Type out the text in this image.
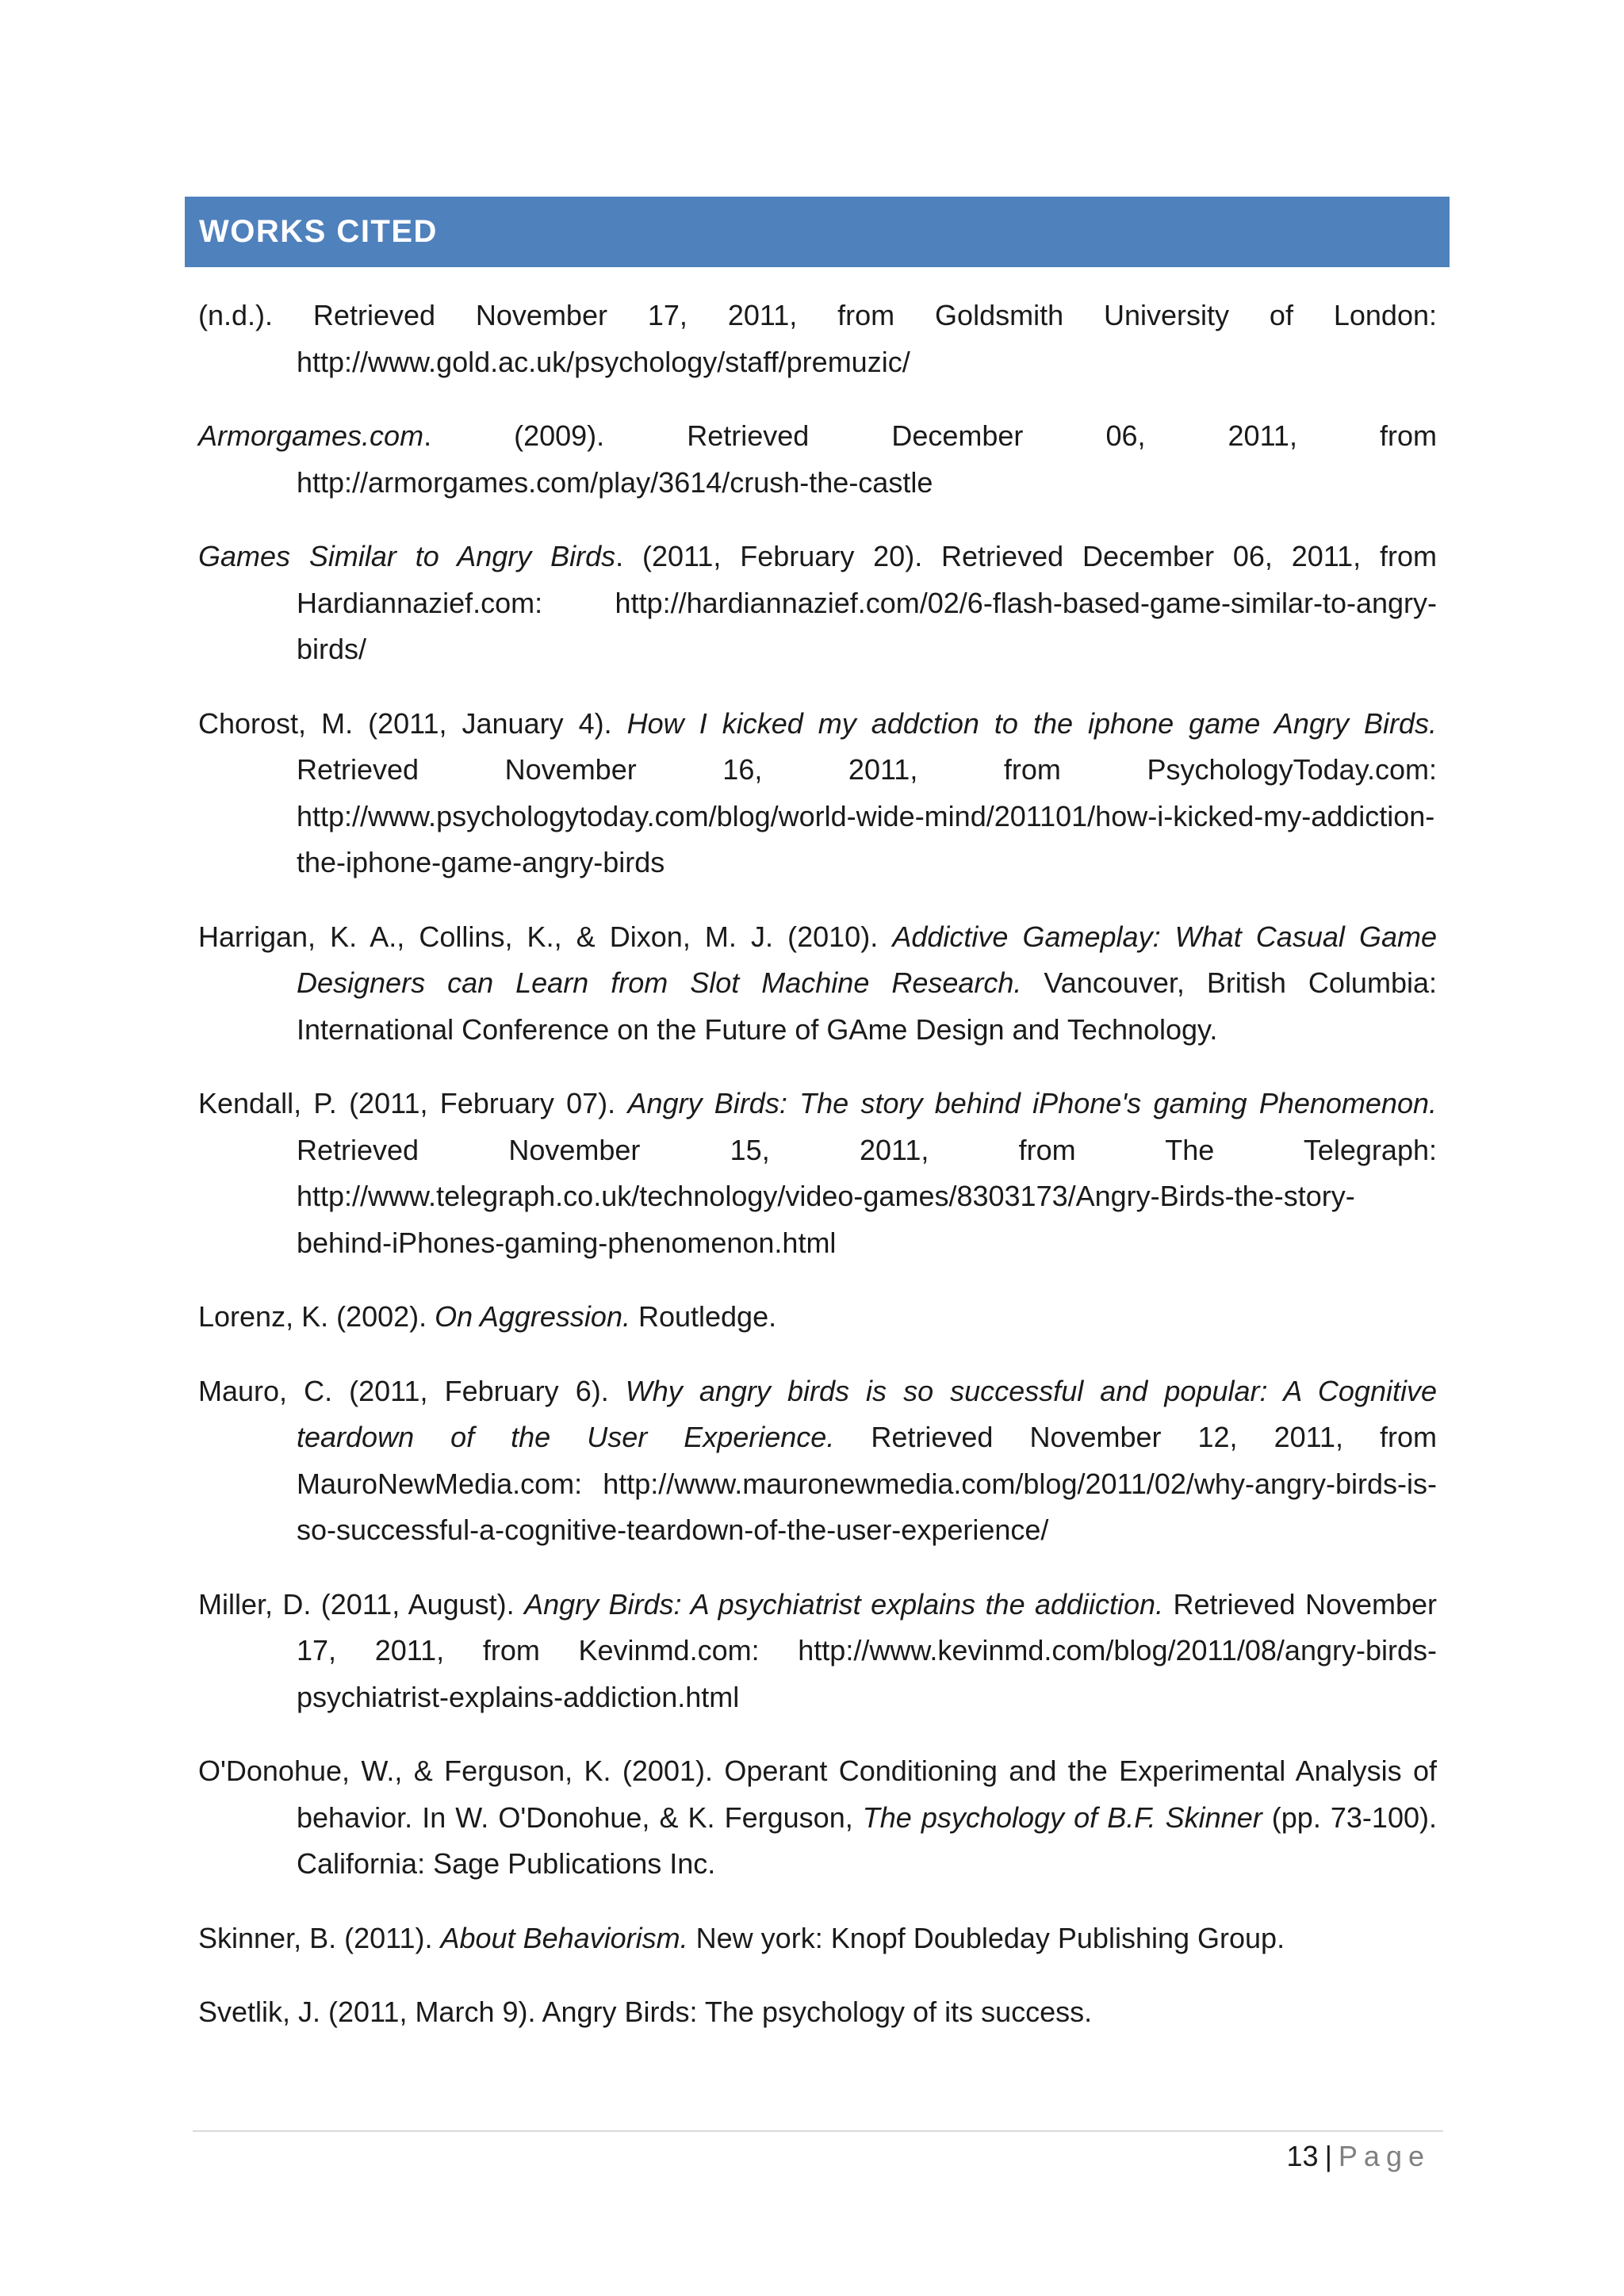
WORKS CITED

(n.d.). Retrieved November 17, 2011, from Goldsmith University of London: http://www.gold.ac.uk/psychology/staff/premuzic/

Armorgames.com. (2009). Retrieved December 06, 2011, from http://armorgames.com/play/3614/crush-the-castle

Games Similar to Angry Birds. (2011, February 20). Retrieved December 06, 2011, from Hardiannazief.com: http://hardiannazief.com/02/6-flash-based-game-similar-to-angry-birds/

Chorost, M. (2011, January 4). How I kicked my addction to the iphone game Angry Birds. Retrieved November 16, 2011, from PsychologyToday.com: http://www.psychologytoday.com/blog/world-wide-mind/201101/how-i-kicked-my-addiction-the-iphone-game-angry-birds

Harrigan, K. A., Collins, K., & Dixon, M. J. (2010). Addictive Gameplay: What Casual Game Designers can Learn from Slot Machine Research. Vancouver, British Columbia: International Conference on the Future of GAme Design and Technology.

Kendall, P. (2011, February 07). Angry Birds: The story behind iPhone's gaming Phenomenon. Retrieved November 15, 2011, from The Telegraph: http://www.telegraph.co.uk/technology/video-games/8303173/Angry-Birds-the-story-behind-iPhones-gaming-phenomenon.html

Lorenz, K. (2002). On Aggression. Routledge.

Mauro, C. (2011, February 6). Why angry birds is so successful and popular: A Cognitive teardown of the User Experience. Retrieved November 12, 2011, from MauroNewMedia.com: http://www.mauronewmedia.com/blog/2011/02/why-angry-birds-is-so-successful-a-cognitive-teardown-of-the-user-experience/

Miller, D. (2011, August). Angry Birds: A psychiatrist explains the addiiction. Retrieved November 17, 2011, from Kevinmd.com: http://www.kevinmd.com/blog/2011/08/angry-birds-psychiatrist-explains-addiction.html

O'Donohue, W., & Ferguson, K. (2001). Operant Conditioning and the Experimental Analysis of behavior. In W. O'Donohue, & K. Ferguson, The psychology of B.F. Skinner (pp. 73-100). California: Sage Publications Inc.

Skinner, B. (2011). About Behaviorism. New york: Knopf Doubleday Publishing Group.

Svetlik, J. (2011, March 9). Angry Birds: The psychology of its success.

13 | Page
